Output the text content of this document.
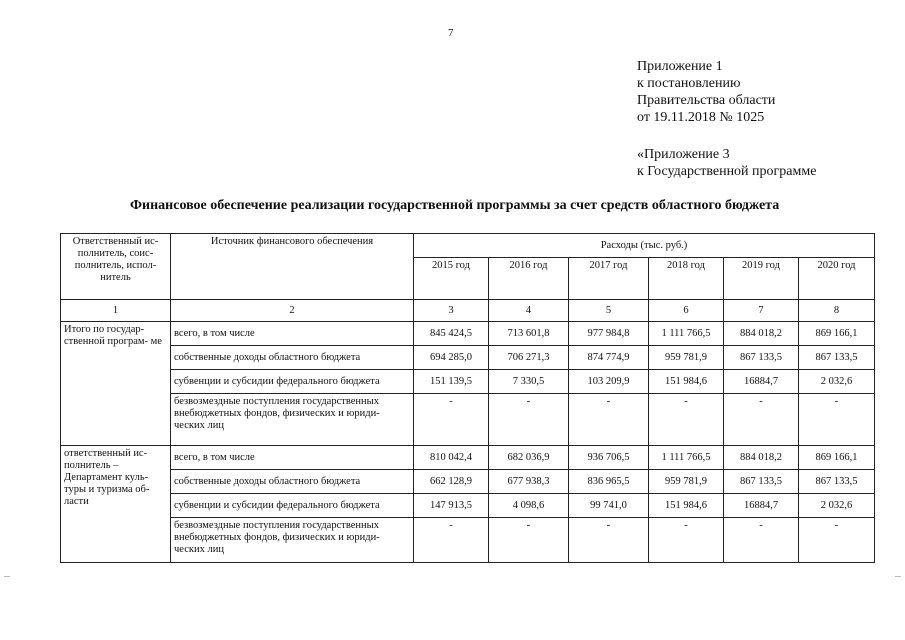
7
Приложение 1
к постановлению
Правительства области
от 19.11.2018 № 1025
«Приложение 3
к Государственной программе
Финансовое обеспечение реализации государственной программы за счет средств областного бюджета
Ответственный ис- полнитель, соис- полнитель, испол- нитель	Источник финансового обеспечения	Расходы (тыс. руб.)					
		2015 год	2016 год	2017 год	2018 год	2019 год	2020 год
1	2	3	4	5	6	7	8
Итого по государ- ственной програм- ме	всего, в том числе	845 424,5	713 601,8	977 984,8	1 111 766,5	884 018,2	869 166,1
	собственные доходы областного бюджета	694 285,0	706 271,3	874 774,9	959 781,9	867 133,5	867 133,5
	субвенции и субсидии федерального бюджета	151 139,5	7 330,5	103 209,9	151 984,6	16884,7	2 032,6
	безвозмездные поступления государственных внебюджетных фондов, физических и юриди- ческих лиц	-	-	-	-	-	-
ответственный ис- полнитель – Департамент куль- туры и туризма об- ласти	всего, в том числе	810 042,4	682 036,9	936 706,5	1 111 766,5	884 018,2	869 166,1
	собственные доходы областного бюджета	662 128,9	677 938,3	836 965,5	959 781,9	867 133,5	867 133,5
	субвенции и субсидии федерального бюджета	147 913,5	4 098,6	99 741,0	151 984,6	16884,7	2 032,6
	безвозмездные поступления государственных внебюджетных фондов, физических и юриди- ческих лиц	-	-	-	-	-	-
